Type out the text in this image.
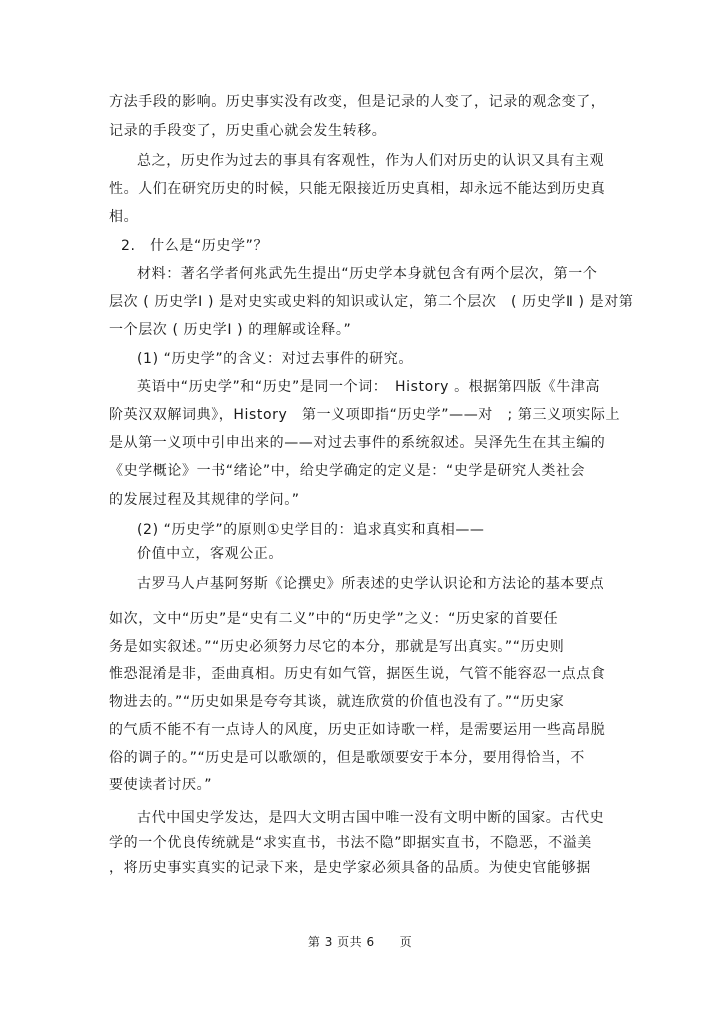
方法手段的影响。历史事实没有改变，但是记录的人变了，记录的观念变了，
记录的手段变了，历史重心就会发生转移。
总之，历史作为过去的事具有客观性，作为人们对历史的认识又具有主观
性。人们在研究历史的时候，只能无限接近历史真相，却永远不能达到历史真
相。
2.　什么是“历史学”？
材料：著名学者何兆武先生提出“历史学本身就包含有两个层次，第一个
层次 ( 历史学Ⅰ ) 是对史实或史料的知识或认定，第二个层次　( 历史学Ⅱ ) 是对第
一个层次 ( 历史学Ⅰ ) 的理解或诠释。”
(1) “历史学”的含义：对过去事件的研究。
英语中“历史学”和“历史”是同一个词：　History 。根据第四版《牛津高
阶英汉双解词典》，History　第一义项即指“历史学”——对　; 第三义项实际上
是从第一义项中引申出来的——对过去事件的系统叙述。吴泽先生在其主编的
《史学概论》一书“绪论”中，给史学确定的定义是：“史学是研究人类社会
的发展过程及其规律的学问。”
(2) “历史学”的原则①史学目的：追求真实和真相——
价值中立，客观公正。
古罗马人卢基阿努斯《论撰史》所表述的史学认识论和方法论的基本要点
如次，文中“历史”是“史有二义”中的“历史学”之义：“历史家的首要任
务是如实叙述。”“历史必须努力尽它的本分，那就是写出真实。”“历史则
惟恐混淆是非，歪曲真相。历史有如气管，据医生说，气管不能容忍一点点食
物进去的。”“历史如果是夸夸其谈，就连欣赏的价值也没有了。”“历史家
的气质不能不有一点诗人的风度，历史正如诗歌一样，是需要运用一些高昂脱
俗的调子的。”“历史是可以歌颂的，但是歌颂要安于本分，要用得恰当，不
要使读者讨厌。”
古代中国史学发达，是四大文明古国中唯一没有文明中断的国家。古代史
学的一个优良传统就是“求实直书，书法不隐”即据实直书，不隐恶，不溢美
，将历史事实真实的记录下来，是史学家必须具备的品质。为使史官能够据
第 3 页共 6　　页
